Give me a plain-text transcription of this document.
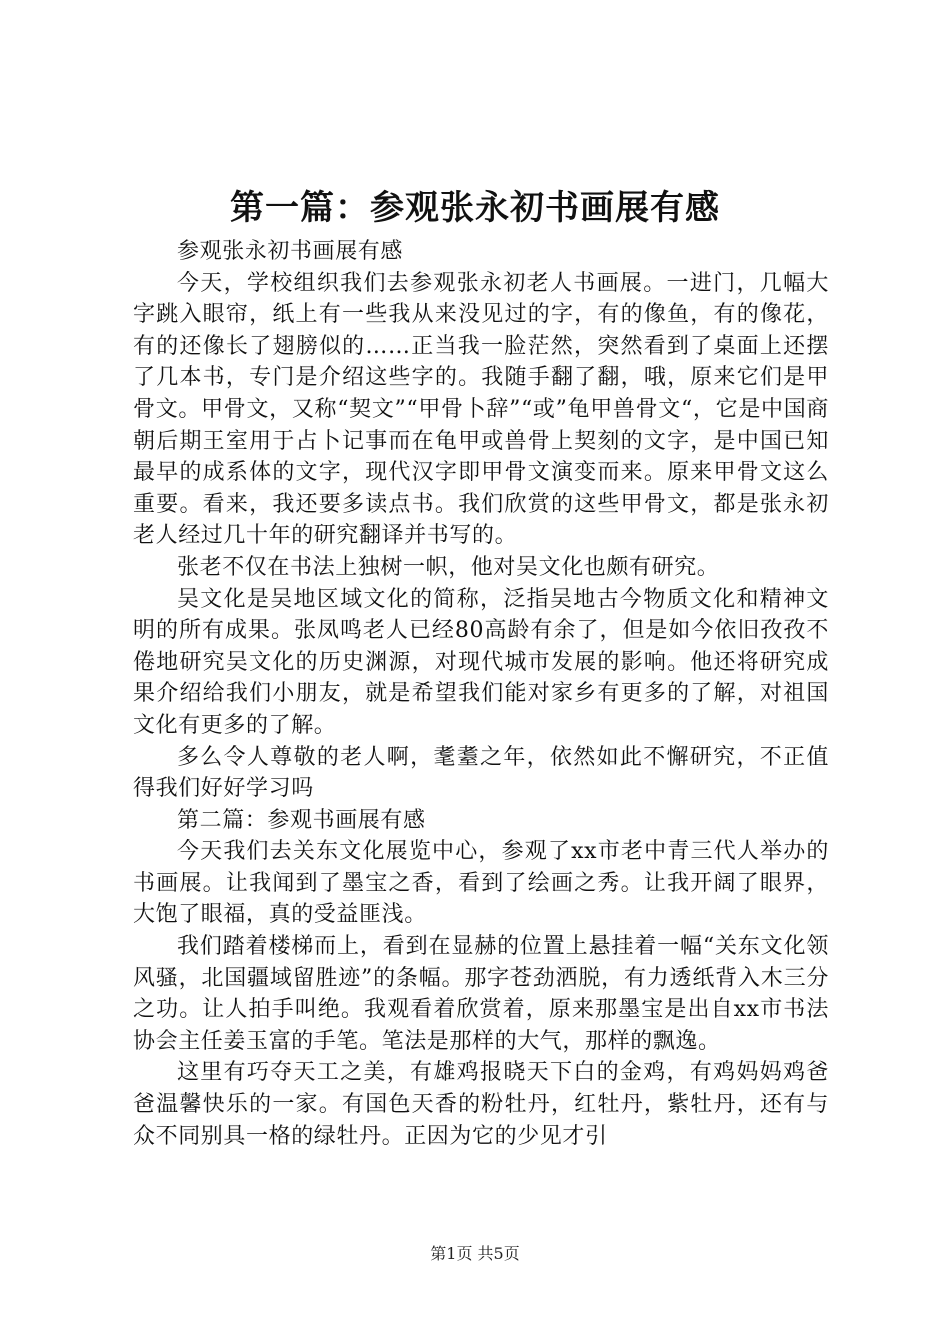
第一篇：参观张永初书画展有感

参观张永初书画展有感

今天，学校组织我们去参观张永初老人书画展。一进门，几幅大字跳入眼帘，纸上有一些我从来没见过的字，有的像鱼，有的像花，有的还像长了翅膀似的……正当我一脸茫然，突然看到了桌面上还摆了几本书，专门是介绍这些字的。我随手翻了翻，哦，原来它们是甲骨文。甲骨文，又称“契文”“甲骨卜辞”“或”龟甲兽骨文“，它是中国商朝后期王室用于占卜记事而在龟甲或兽骨上契刻的文字，是中国已知最早的成系体的文字，现代汉字即甲骨文演变而来。原来甲骨文这么重要。看来，我还要多读点书。我们欣赏的这些甲骨文，都是张永初老人经过几十年的研究翻译并书写的。

张老不仅在书法上独树一帜，他对吴文化也颇有研究。

吴文化是吴地区域文化的简称，泛指吴地古今物质文化和精神文明的所有成果。张凤鸣老人已经80高龄有余了，但是如今依旧孜孜不倦地研究吴文化的历史渊源，对现代城市发展的影响。他还将研究成果介绍给我们小朋友，就是希望我们能对家乡有更多的了解，对祖国文化有更多的了解。

多么令人尊敬的老人啊，耄耋之年，依然如此不懈研究，不正值得我们好好学习吗

第二篇：参观书画展有感

今天我们去关东文化展览中心，参观了xx市老中青三代人举办的书画展。让我闻到了墨宝之香，看到了绘画之秀。让我开阔了眼界，大饱了眼福，真的受益匪浅。

我们踏着楼梯而上，看到在显赫的位置上悬挂着一幅“关东文化领风骚，北国疆域留胜迹”的条幅。那字苍劲洒脱，有力透纸背入木三分之功。让人拍手叫绝。我观看着欣赏着，原来那墨宝是出自xx市书法协会主任姜玉富的手笔。笔法是那样的大气，那样的飘逸。

这里有巧夺天工之美，有雄鸡报晓天下白的金鸡，有鸡妈妈鸡爸爸温馨快乐的一家。有国色天香的粉牡丹，红牡丹，紫牡丹，还有与众不同别具一格的绿牡丹。正因为它的少见才引

第1页 共5页
